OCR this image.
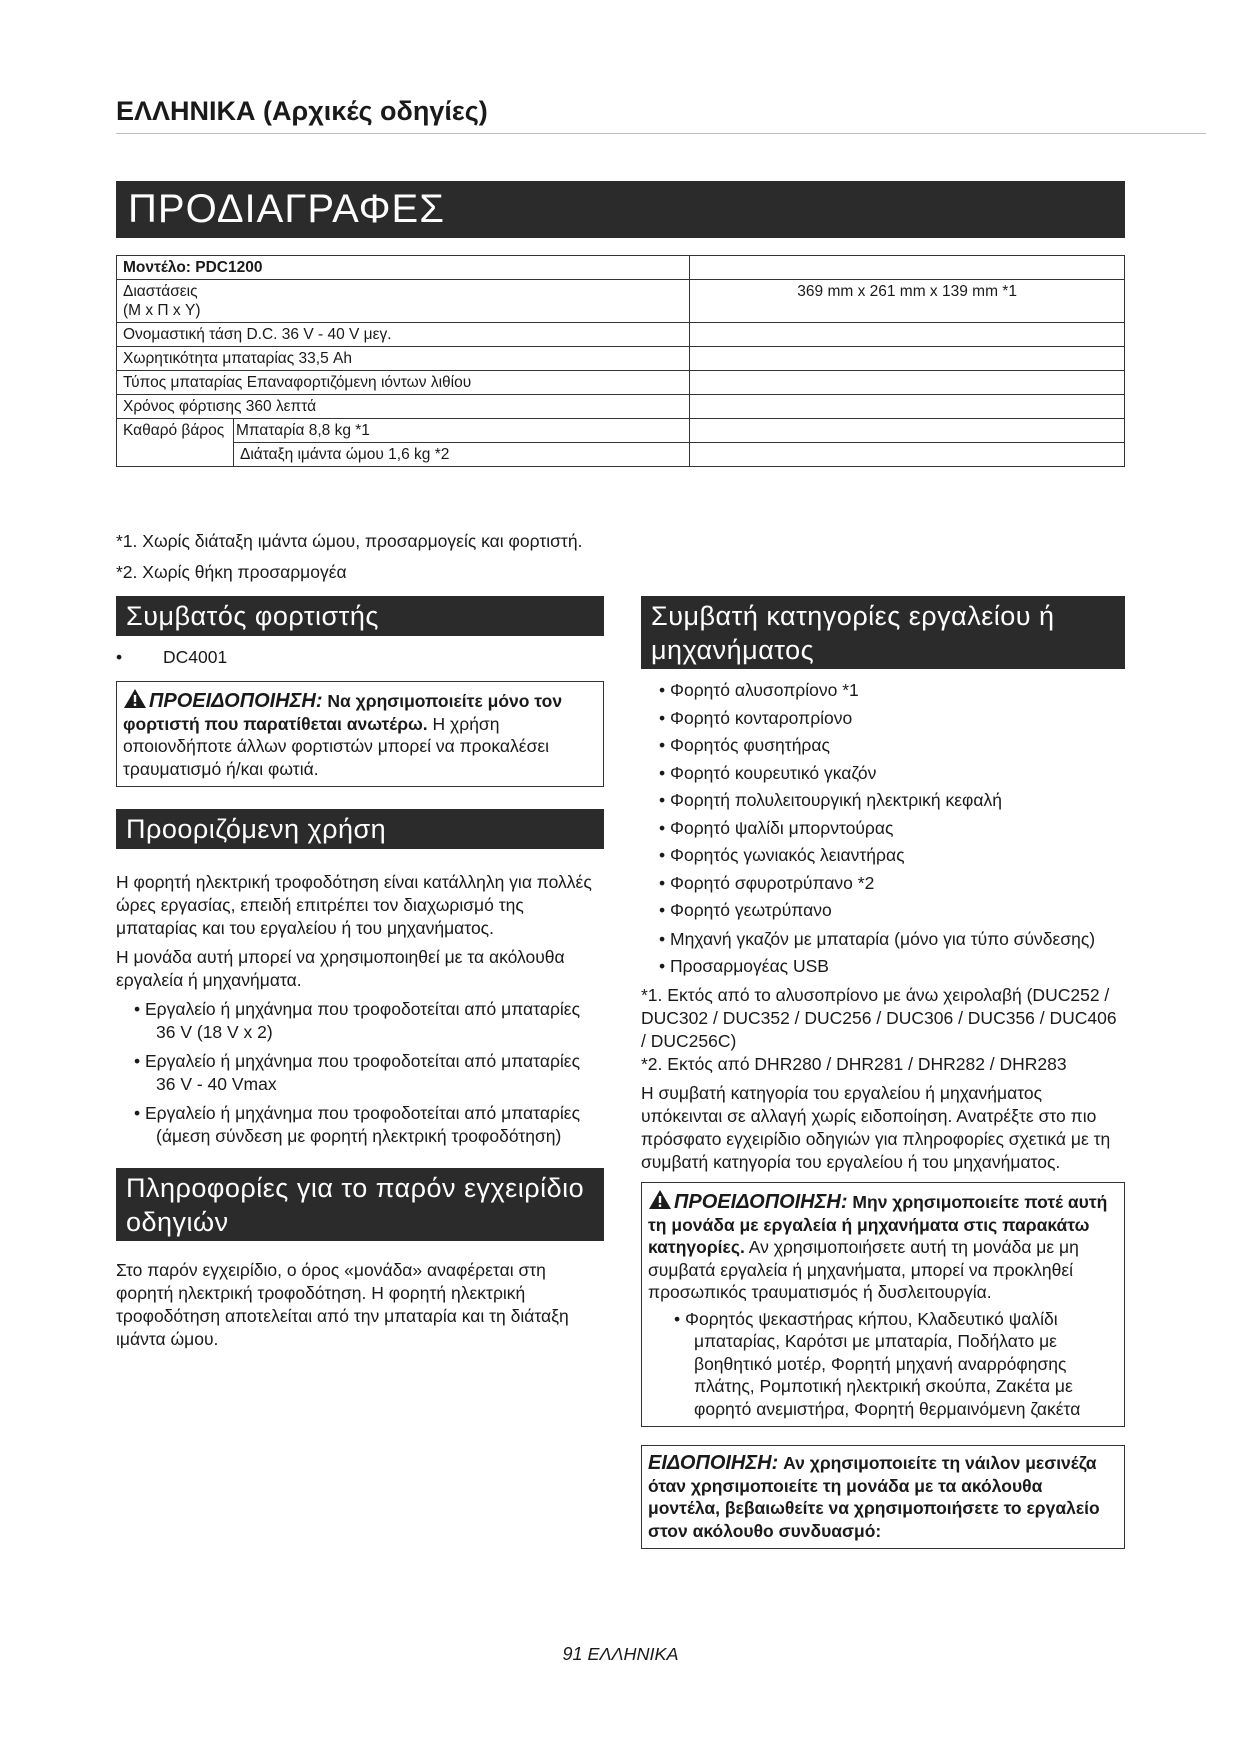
ΕΛΛΗΝΙΚΑ (Αρχικές οδηγίες)
ΠΡΟΔΙΑΓΡΑΦΕΣ
Μοντέλο: PDC1200		

Διαστάσεις
(Μ x Π x Υ)		369 mm x 261 mm x 139 mm *1
Ονομαστική τάση D.C. 36 V - 40 V μεγ.		
Χωρητικότητα μπαταρίας 33,5 Ah		
Τύπος μπαταρίας Επαναφορτιζόμενη ιόντων λιθίου		
Χρόνος φόρτισης 360 λεπτά		
Καθαρό βάρος	Μπαταρία 8,8 kg *1	
	Διάταξη ιμάντα ώμου 1,6 kg *2	
*1. Χωρίς διάταξη ιμάντα ώμου, προσαρμογείς και φορτιστή.
*2. Χωρίς θήκη προσαρμογέα
Συμβατός φορτιστής
• DC4001
ΠΡΟΕΙΔΟΠΟΙΗΣΗ: Να χρησιμοποιείτε μόνο τον φορτιστή που παρατίθεται ανωτέρω. Η χρήση οποιονδήποτε άλλων φορτιστών μπορεί να προκαλέσει τραυματισμό ή/και φωτιά.
Προοριζόμενη χρήση
Η φορητή ηλεκτρική τροφοδότηση είναι κατάλληλη για πολλές ώρες εργασίας, επειδή επιτρέπει τον διαχωρισμό της μπαταρίας και του εργαλείου ή του μηχανήματος.
Η μονάδα αυτή μπορεί να χρησιμοποιηθεί με τα ακόλουθα εργαλεία ή μηχανήματα.
• Εργαλείο ή μηχάνημα που τροφοδοτείται από μπαταρίες 36 V (18 V x 2)
• Εργαλείο ή μηχάνημα που τροφοδοτείται από μπαταρίες 36 V - 40 Vmax
• Εργαλείο ή μηχάνημα που τροφοδοτείται από μπαταρίες (άμεση σύνδεση με φορητή ηλεκτρική τροφοδότηση)
Πληροφορίες για το παρόν εγχειρίδιο οδηγιών
Στο παρόν εγχειρίδιο, ο όρος «μονάδα» αναφέρεται στη φορητή ηλεκτρική τροφοδότηση. Η φορητή ηλεκτρική τροφοδότηση αποτελείται από την μπαταρία και τη διάταξη ιμάντα ώμου.
Συμβατή κατηγορίες εργαλείου ή μηχανήματος
• Φορητό αλυσοπρίονο *1
• Φορητό κονταροπρίονο
• Φορητός φυσητήρας
• Φορητό κουρευτικό γκαζόν
• Φορητή πολυλειτουργική ηλεκτρική κεφαλή
• Φορητό ψαλίδι μπορντούρας
• Φορητός γωνιακός λειαντήρας
• Φορητό σφυροτρύπανο *2
• Φορητό γεωτρύπανο
• Μηχανή γκαζόν με μπαταρία (μόνο για τύπο σύνδεσης)
• Προσαρμογέας USB
*1. Εκτός από το αλυσοπρίονο με άνω χειρολαβή (DUC252 / DUC302 / DUC352 / DUC256 / DUC306 / DUC356 / DUC406 / DUC256C)
*2. Εκτός από DHR280 / DHR281 / DHR282 / DHR283
Η συμβατή κατηγορία του εργαλείου ή μηχανήματος υπόκεινται σε αλλαγή χωρίς ειδοποίηση. Ανατρέξτε στο πιο πρόσφατο εγχειρίδιο οδηγιών για πληροφορίες σχετικά με τη συμβατή κατηγορία του εργαλείου ή του μηχανήματος.
ΠΡΟΕΙΔΟΠΟΙΗΣΗ: Μην χρησιμοποιείτε ποτέ αυτή τη μονάδα με εργαλεία ή μηχανήματα στις παρακάτω κατηγορίες. Αν χρησιμοποιήσετε αυτή τη μονάδα με μη συμβατά εργαλεία ή μηχανήματα, μπορεί να προκληθεί προσωπικός τραυματισμός ή δυσλειτουργία.
• Φορητός ψεκαστήρας κήπου, Κλαδευτικό ψαλίδι μπαταρίας, Καρότσι με μπαταρία, Ποδήλατο με βοηθητικό μοτέρ, Φορητή μηχανή αναρρόφησης πλάτης, Ρομποτική ηλεκτρική σκούπα, Ζακέτα με φορητό ανεμιστήρα, Φορητή θερμαινόμενη ζακέτα
ΕΙΔΟΠΟΙΗΣΗ: Αν χρησιμοποιείτε τη νάιλον μεσινέζα όταν χρησιμοποιείτε τη μονάδα με τα ακόλουθα μοντέλα, βεβαιωθείτε να χρησιμοποιήσετε το εργαλείο στον ακόλουθο συνδυασμό:
91 ΕΛΛΗΝΙΚΑ
